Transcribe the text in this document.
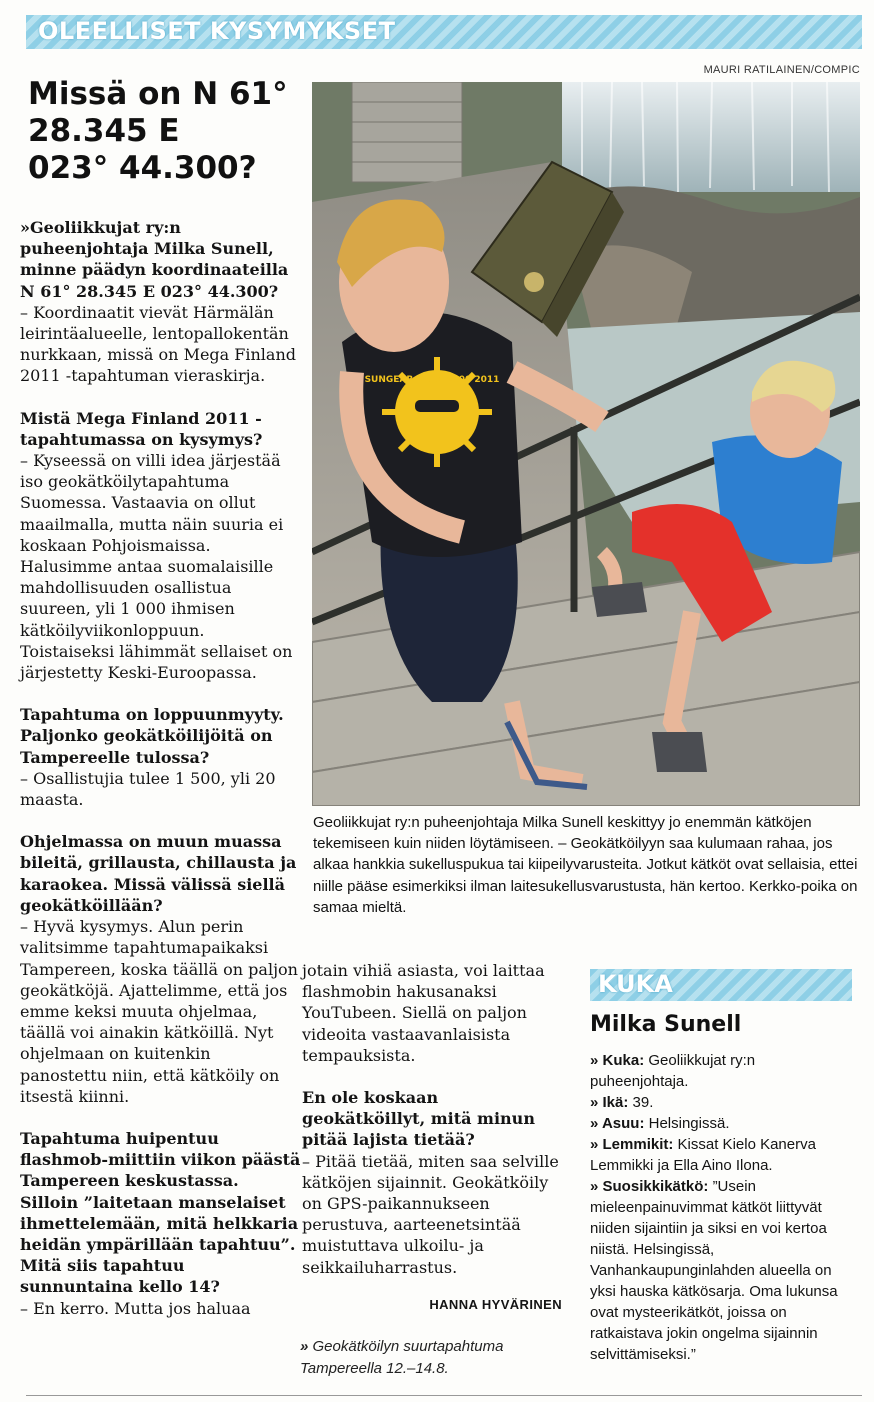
OLEELLISET KYSYMYKSET
MAURI RATILAINEN/COMPIC
Missä on N 61°
28.345 E
023° 44.300?

»Geoliikkujat ry:n puheenjohtaja Milka Sunell, minne päädyn koordinaateilla N 61° 28.345 E 023° 44.300?

– Koordinaatit vievät Härmälän leirintäalueelle, lentopallokentän nurkkaan, missä on Mega Finland 2011 -tapahtuman vieraskirja.

Mistä Mega Finland 2011 -tapahtumassa on kysymys?

– Kyseessä on villi idea järjestää iso geokätköilytapahtuma Suomessa. Vastaavia on ollut maailmalla, mutta näin suuria ei koskaan Pohjoismaissa. Halusimme antaa suomalaisille mahdollisuuden osallistua suureen, yli 1 000 ihmisen kätköilyviikonloppuun. Toistaiseksi lähimmät sellaiset on järjestetty Keski-Euroopassa.

Tapahtuma on loppuunmyyty. Paljonko geokätköilijöitä on Tampereelle tulossa?

– Osallistujia tulee 1 500, yli 20 maasta.

Ohjelmassa on muun muassa bileitä, grillausta, chillausta ja karaokea. Missä välissä siellä geokätköillään?

– Hyvä kysymys. Alun perin valitsimme tapahtumapaikaksi Tampereen, koska täällä on paljon geokätköjä. Ajattelimme, että jos emme keksi muuta ohjelmaa, täällä voi ainakin kätköillä. Nyt ohjelmaan on kuitenkin panostettu niin, että kätköily on itsestä kiinni.

Tapahtuma huipentuu flashmob-miittiin viikon päästä Tampereen keskustassa. Silloin ”laitetaan manselaiset ihmettelemään, mitä helkkaria heidän ympärillään tapahtuu”. Mitä siis tapahtuu sunnuntaina kello 14?

– En kerro. Mutta jos haluaa

SUNGEAR GCYA 2000 2011
Geoliikkujat ry:n puheenjohtaja Milka Sunell keskittyy jo enemmän kätköjen tekemiseen kuin niiden löytämiseen. – Geokätköilyyn saa kulumaan rahaa, jos alkaa hankkia sukelluspukua tai kiipeilyvarusteita. Jotkut kätköt ovat sellaisia, ettei niille pääse esimerkiksi ilman laitesukellusvarustusta, hän kertoo. Kerkko-poika on samaa mieltä.

jotain vihiä asiasta, voi laittaa flashmobin hakusanaksi YouTubeen. Siellä on paljon videoita vastaavanlaisista tempauksista.

En ole koskaan geokätköillyt, mitä minun pitää lajista tietää?

– Pitää tietää, miten saa selville kätköjen sijainnit. Geokätköily on GPS-paikannukseen perustuva, aarteenetsintää muistuttava ulkoilu- ja seikkailuharrastus.

HANNA HYVÄRINEN
» Geokätköilyn suurtapahtuma Tampereella 12.–14.8.
KUKA
Milka Sunell

» Kuka: Geoliikkujat ry:n puheenjohtaja.

» Ikä: 39.

» Asuu: Helsingissä.

» Lemmikit: Kissat Kielo Kanerva Lemmikki ja Ella Aino Ilona.

» Suosikkikätkö: ”Usein mieleenpainuvimmat kätköt liittyvät niiden sijaintiin ja siksi en voi kertoa niistä. Helsingissä, Vanhankaupunginlahden alueella on yksi hauska kätkösarja. Oma lukunsa ovat mysteerikätköt, joissa on ratkaistava jokin ongelma sijainnin selvittämiseksi.”
